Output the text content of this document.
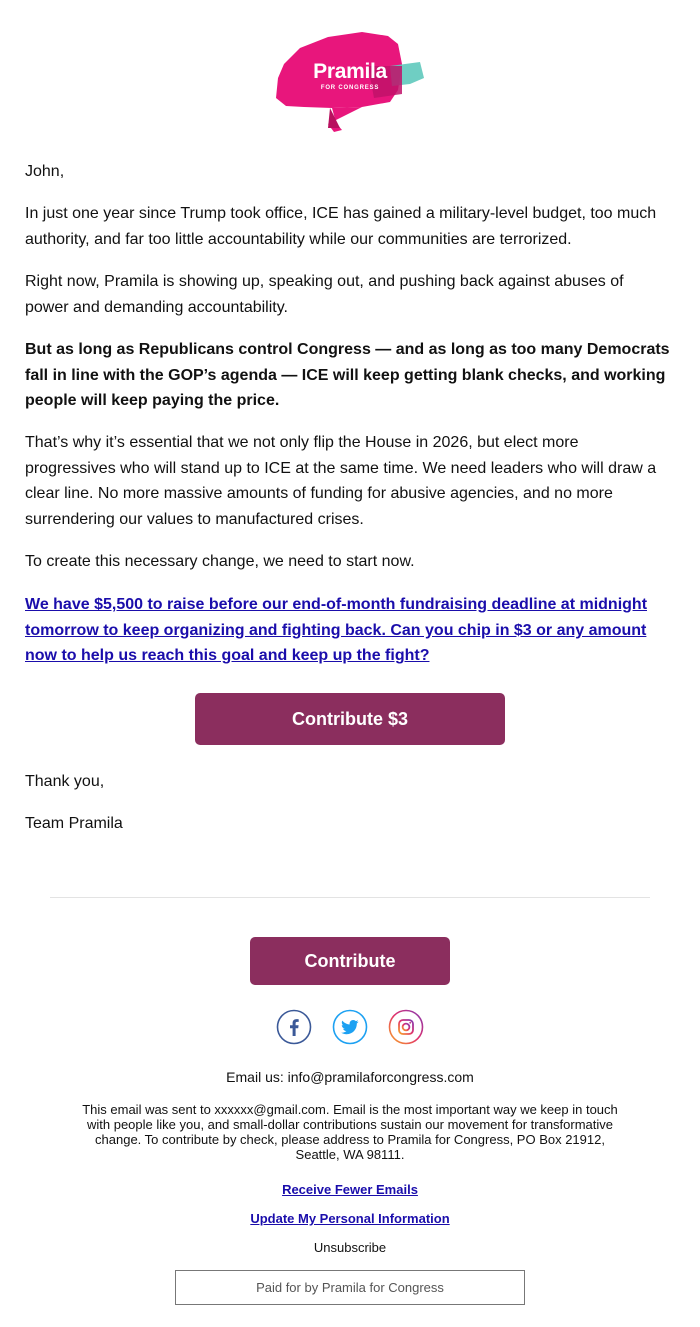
Pramila
FOR CONGRESS

John,

In just one year since Trump took office, ICE has gained a military-level budget, too much authority, and far too little accountability while our communities are terrorized.

Right now, Pramila is showing up, speaking out, and pushing back against abuses of power and demanding accountability.

But as long as Republicans control Congress — and as long as too many Democrats fall in line with the GOP’s agenda — ICE will keep getting blank checks, and working people will keep paying the price.

That’s why it’s essential that we not only flip the House in 2026, but elect more progressives who will stand up to ICE at the same time. We need leaders who will draw a clear line. No more massive amounts of funding for abusive agencies, and no more surrendering our values to manufactured crises.

To create this necessary change, we need to start now.

We have $5,500 to raise before our end-of-month fundraising deadline at midnight tomorrow to keep organizing and fighting back. Can you chip in $3 or any amount now to help us reach this goal and keep up the fight?

Contribute $3

Thank you,

Team Pramila

Contribute

Email us: info@pramilaforcongress.com

This email was sent to xxxxxx@gmail.com. Email is the most important way we keep in touch

with people like you, and small-dollar contributions sustain our movement for transformative

change. To contribute by check, please address to Pramila for Congress, PO Box 21912,

Seattle, WA 98111.

Receive Fewer Emails
Update My Personal Information

Unsubscribe

Paid for by Pramila for Congress
